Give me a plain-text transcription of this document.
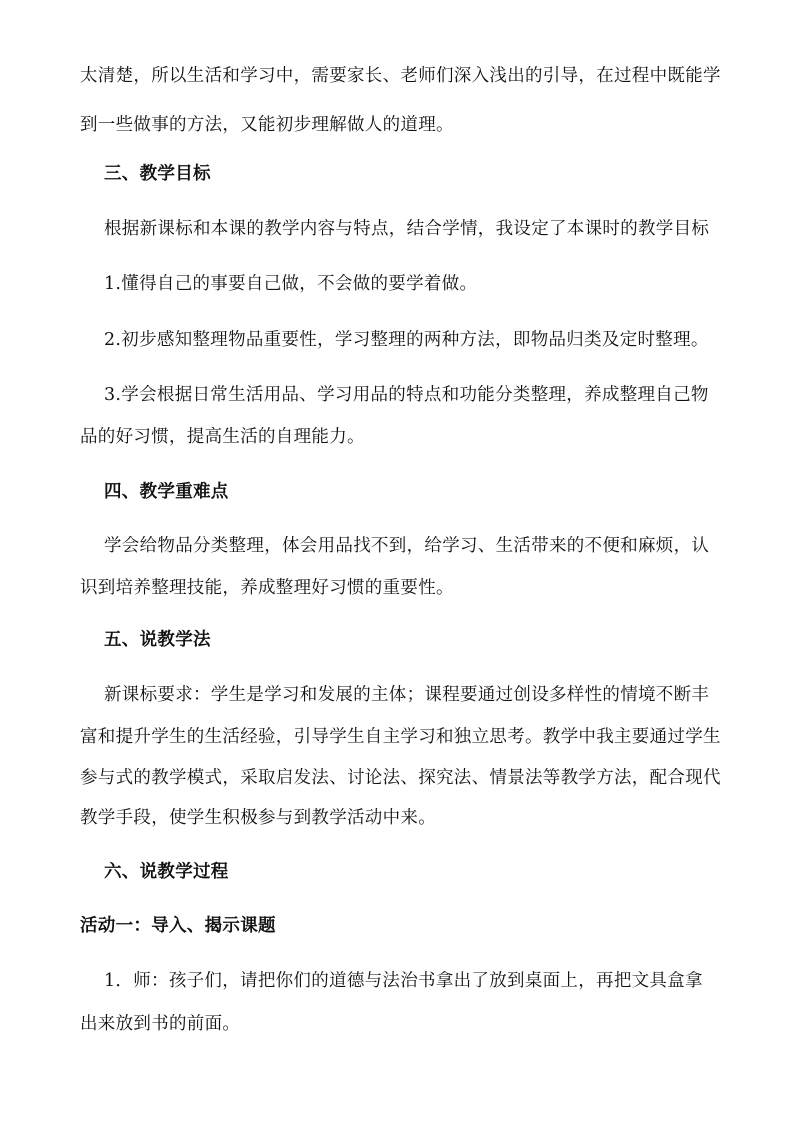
太清楚，所以生活和学习中，需要家长、老师们深入浅出的引导，在过程中既能学
到一些做事的方法，又能初步理解做人的道理。
三、教学目标
根据新课标和本课的教学内容与特点，结合学情，我设定了本课时的教学目标
1.懂得自己的事要自己做，不会做的要学着做。
2.初步感知整理物品重要性，学习整理的两种方法，即物品归类及定时整理。
3.学会根据日常生活用品、学习用品的特点和功能分类整理，养成整理自己物
品的好习惯，提高生活的自理能力。
四、教学重难点
学会给物品分类整理，体会用品找不到，给学习、生活带来的不便和麻烦，认
识到培养整理技能，养成整理好习惯的重要性。
五、说教学法
新课标要求：学生是学习和发展的主体；课程要通过创设多样性的情境不断丰
富和提升学生的生活经验，引导学生自主学习和独立思考。教学中我主要通过学生
参与式的教学模式，采取启发法、讨论法、探究法、情景法等教学方法，配合现代
教学手段，使学生积极参与到教学活动中来。
六、说教学过程
活动一：导入、揭示课题
1．师：孩子们，请把你们的道德与法治书拿出了放到桌面上，再把文具盒拿
出来放到书的前面。
